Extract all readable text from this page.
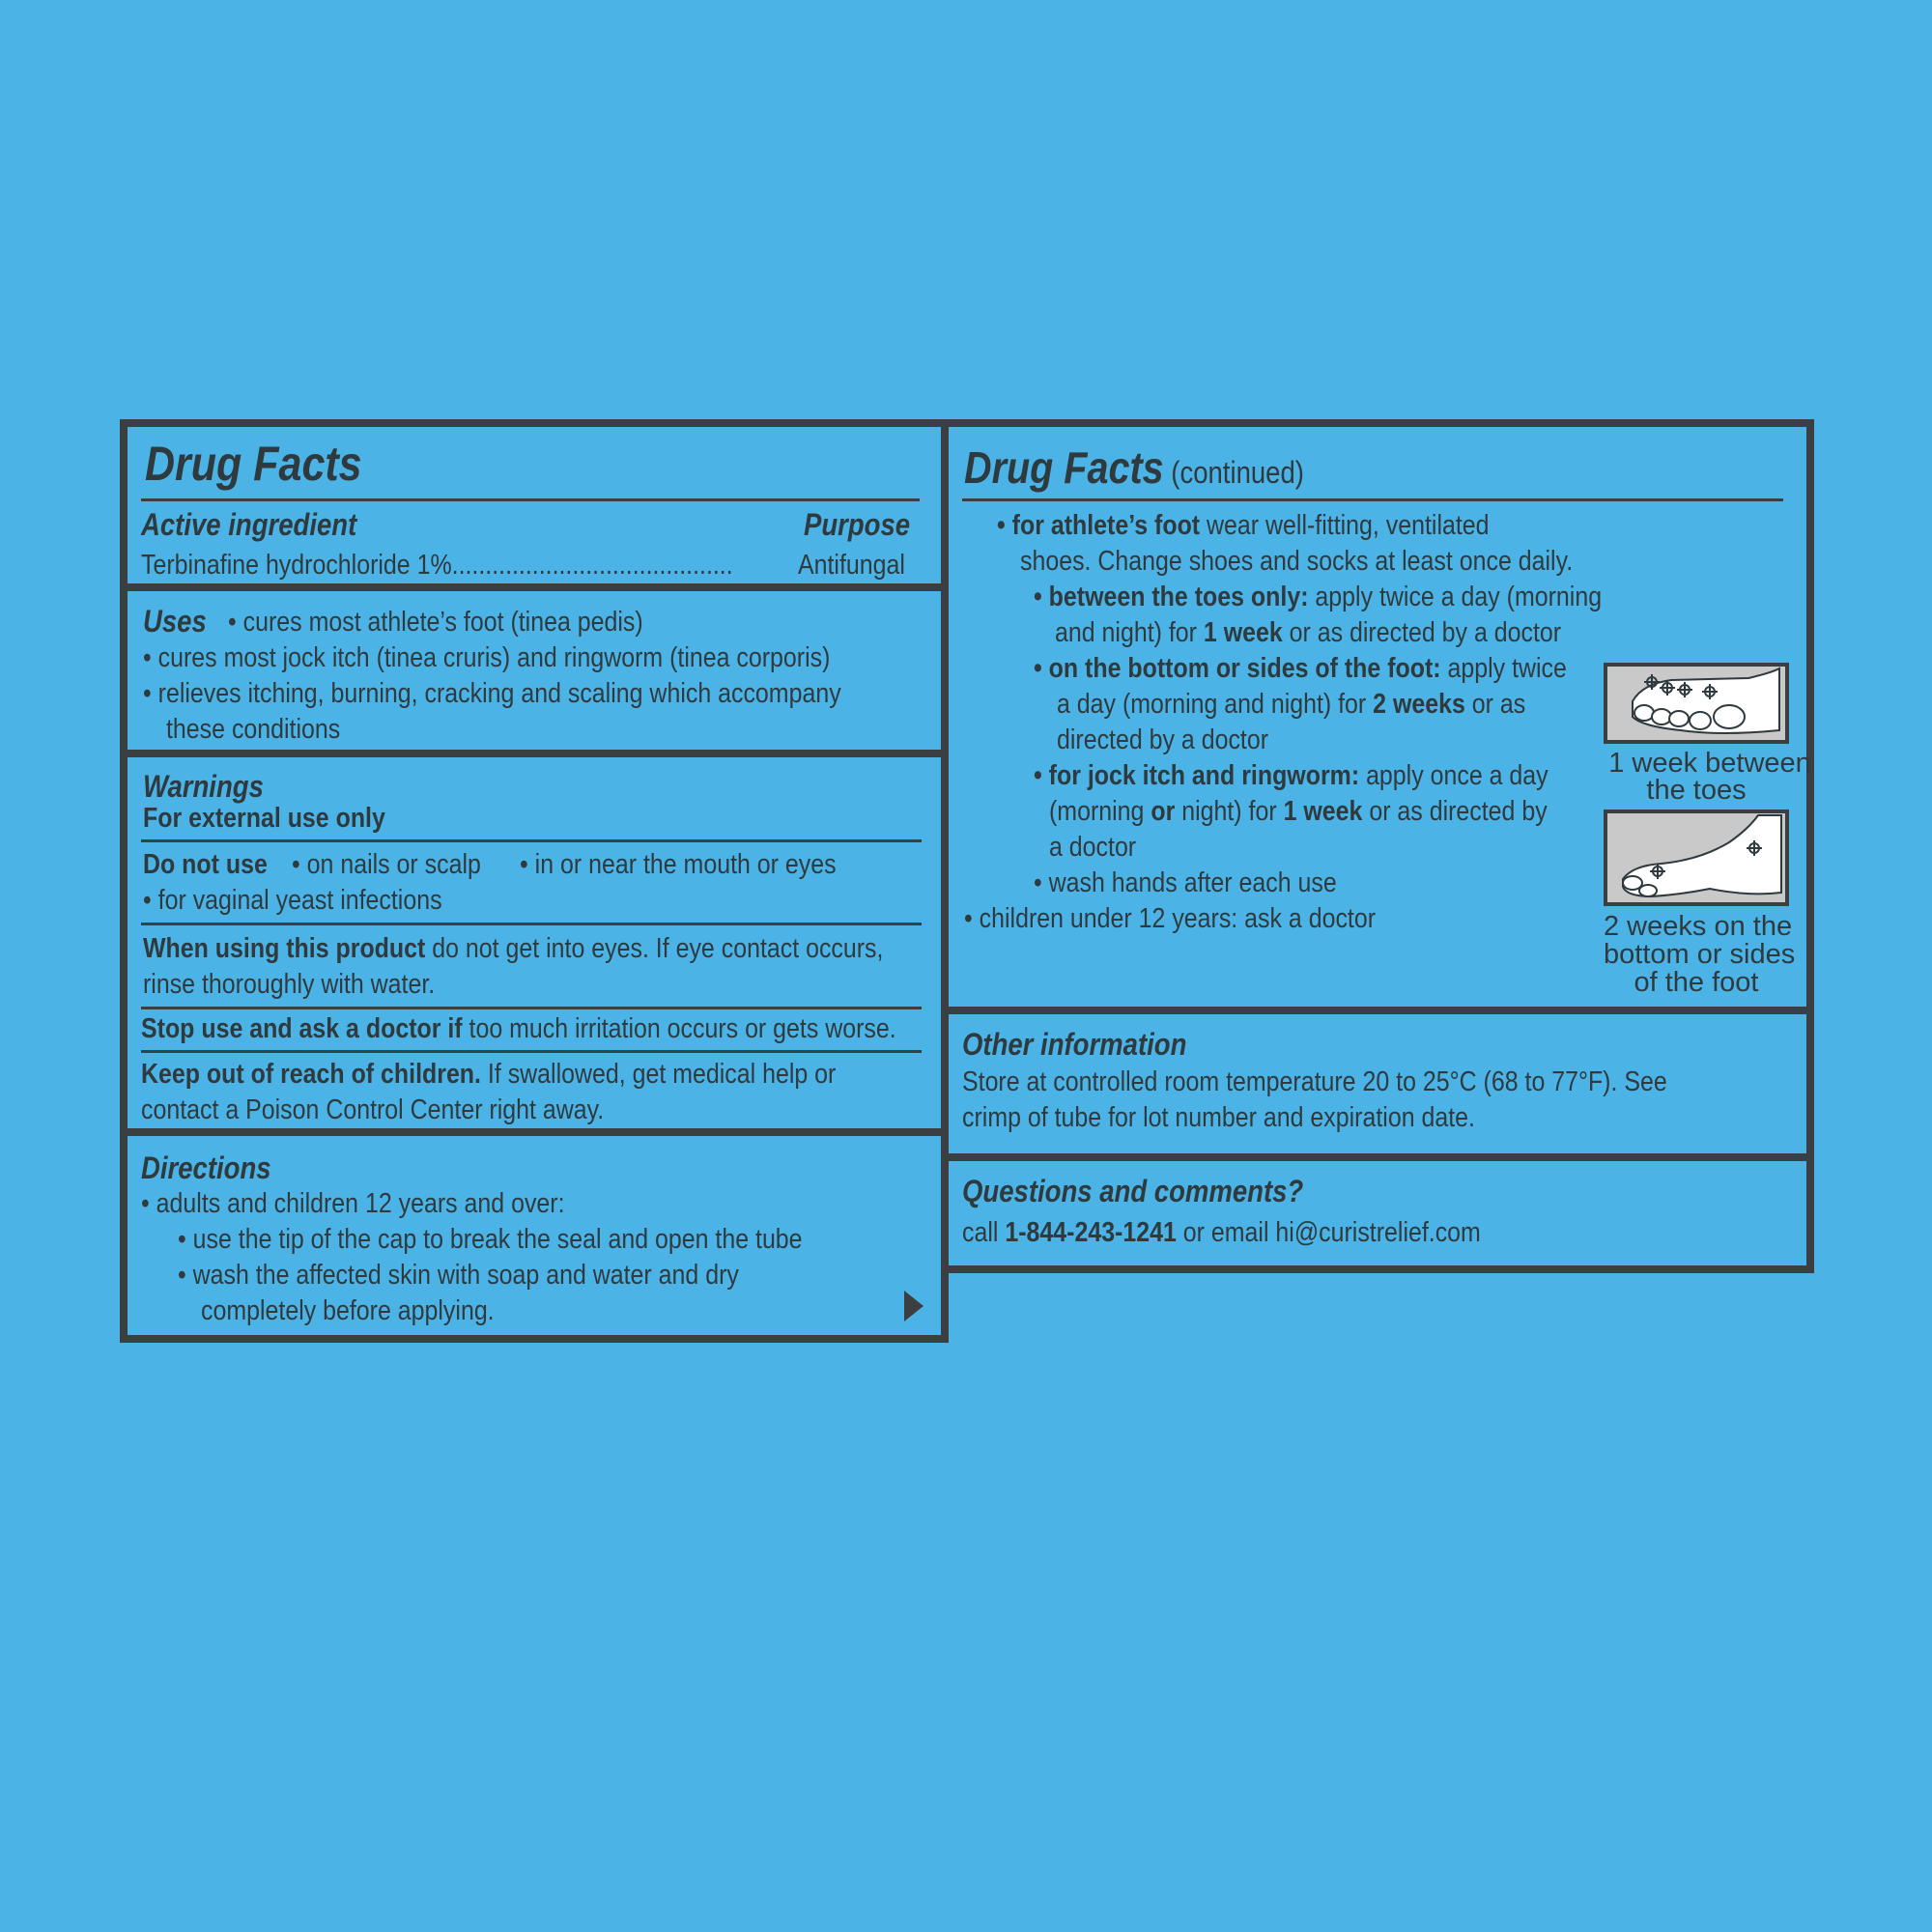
Drug Facts
Active ingredient	Purpose
Terbinafine hydrochloride 1%.......................................... Antifungal
Uses • cures most athlete’s foot (tinea pedis)
• cures most jock itch (tinea cruris) and ringworm (tinea corporis)
• relieves itching, burning, cracking and scaling which accompany
these conditions
Warnings
For external use only
Do not use • on nails or scalp • in or near the mouth or eyes
• for vaginal yeast infections
When using this product do not get into eyes. If eye contact occurs,
rinse thoroughly with water.
Stop use and ask a doctor if too much irritation occurs or gets worse.
Keep out of reach of children. If swallowed, get medical help or
contact a Poison Control Center right away.
Directions
• adults and children 12 years and over:
• use the tip of the cap to break the seal and open the tube
• wash the affected skin with soap and water and dry
completely before applying.
Drug Facts (continued)
• for athlete’s foot wear well-fitting, ventilated
shoes. Change shoes and socks at least once daily.
• between the toes only: apply twice a day (morning
and night) for 1 week or as directed by a doctor
• on the bottom or sides of the foot: apply twice
a day (morning and night) for 2 weeks or as
directed by a doctor
• for jock itch and ringworm: apply once a day
(morning or night) for 1 week or as directed by
a doctor
• wash hands after each use
• children under 12 years: ask a doctor
1 week between
the toes
2 weeks on the
bottom or sides
of the foot
Other information
Store at controlled room temperature 20 to 25°C (68 to 77°F). See
crimp of tube for lot number and expiration date.
Questions and comments?
call 1-844-243-1241 or email hi@curistrelief.com
